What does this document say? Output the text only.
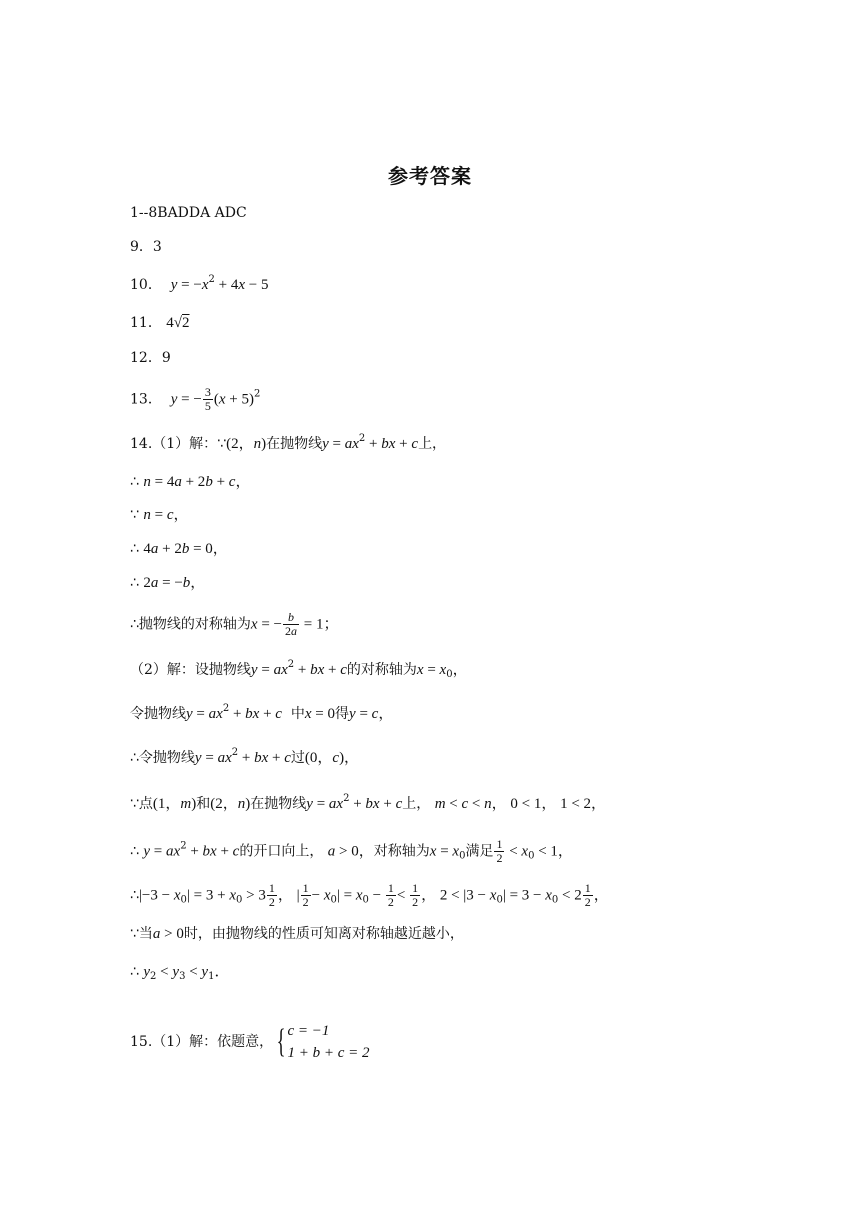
参考答案
1--8BADDA ADC
9．3
10． $y = -x^2 + 4x - 5$
11． 4√2
12．9
13． y = − $\frac{3}{5} (x + 5)^2$
14.（1）解：∵(2，n)在抛物线$y = ax^2$ + bx + c上，
∴ n = 4a + 2b + c，
∵ n = c，
∴ 4a + 2b = 0，
∴ 2a = −b，
∴抛物线的对称轴为x = − $\frac{b}{2a} = 1$；
（2）解：设抛物线$y = ax^2$ + bx + c的对称轴为$x = x_0$，
令抛物线$y = ax^2$ + bx + c 中x = 0得y = c，
∴令抛物线$y = ax^2$ + bx + c过(0，c)，
∵点(1，m)和(2，n)在抛物线$y = ax^2$ + bx + c上， m < c < n， 0 < 1， 1 < 2，
∴ $y = ax^2$ + bx + c的开口向上， a > 0，对称轴为$x = x_0$满足 $\frac{1}{2} < x_0 < 1$，
∴|−3 − $x_0| = 3 + x_0 > 3 \frac{1}{2}$ ， | $\frac{1}{2} - x_0| = x_0 - \frac{1}{2} < \frac{1}{2}$ ， $2 < |3 - x_0| = 3 - x_0 < 2 \frac{1}{2}$ ，
∵当a > 0时，由抛物线的性质可知离对称轴越近越小，
∴ $y_2 < y_3 < y_1$．
15.（1）解：依题意， { c = −1
1 + b + c = 2
